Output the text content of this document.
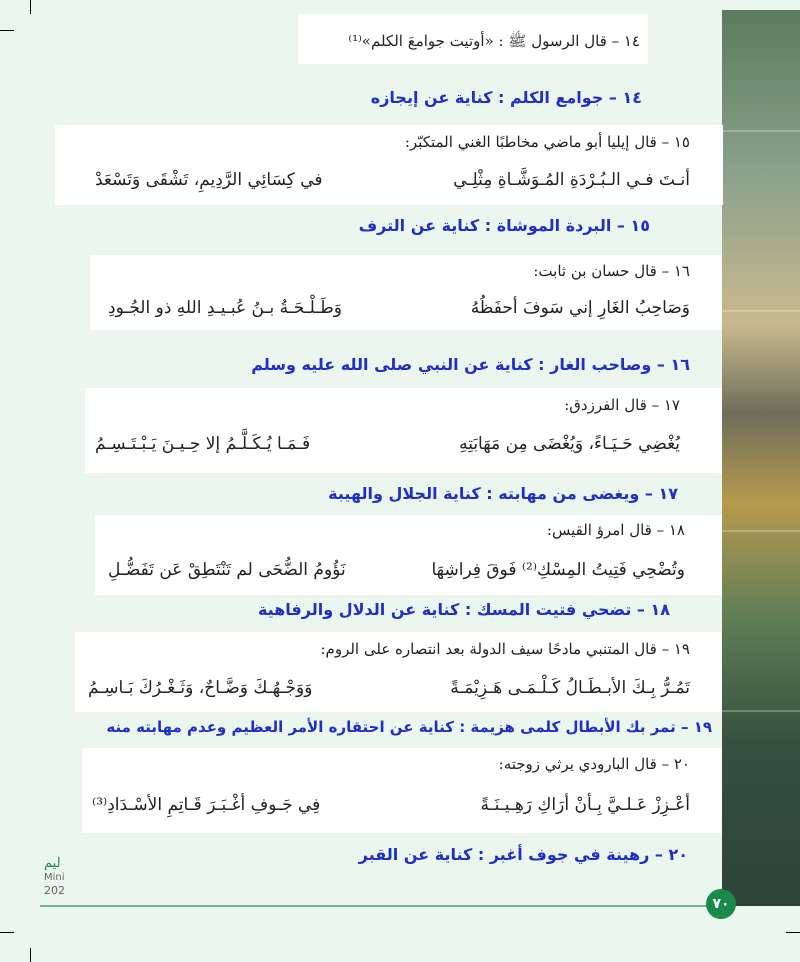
١٤ – قال الرسول ﷺ : «أوتيت جوامعَ الكلم»⁽¹⁾
١٤ – جوامع الكلم : كناية عن إيجازه
١٥ – قال إيليا أبو ماضي مخاطبًا الغني المتكبّر:
أنـتَ فـي الـبُـرْدَةِ المُـوَشَّـاةِ مِثْلِـي
في كِسَائِي الرَّدِيمِ، تَشْقَى وَتَسْعَدْ
١٥ – البردة الموشاة : كناية عن الترف
١٦ – قال حسان بن ثابت:
وَصَاحِبُ الغَارِ إني سَوفَ أحفَظُهُ
وَطَـلْـحَـةُ بـنُ عُبـيـدِ اللهِ ذو الجُـودِ
١٦ – وصاحب الغار : كناية عن النبي صلى الله عليه وسلم
١٧ – قال الفرزدق:
يُغْضِي حَـيَـاءً، وَيُغْضَى مِن مَهَابَتِهِ
فَـمَـا يُـكَـلَّـمُ إلا حِـيـنَ يَـبْـتَـسِـمُ
١٧ – ويغضى من مهابته : كناية الجلال والهيبة
١٨ – قال امرؤ القيس:
وتُضْحِي فَتِيتُ المِسْكِ⁽²⁾ فَوقَ فِراشِهَا
نَؤُومُ الضُّحَى لم تَنْتَطِقْ عَن تَفَضُّـلِ
١٨ – تضحي فتيت المسك : كناية عن الدلال والرفاهية
١٩ – قال المتنبي مادحًا سيف الدولة بعد انتصاره على الروم:
تَمُـرُّ بِـكَ الأبـطَـالُ كَـلْـمَـى هَـزِيْمَـةً
وَوَجْـهُـكَ وَضَّـاحٌ، وَثَـغْـرُكَ بَـاسِـمُ
١٩ – تمر بك الأبطال كلمى هزيمة : كناية عن احتقاره الأمر العظيم وعدم مهابته منه
٢٠ – قال البارودي يرثي زوجته:
أعْـزِزْ عَـلـيَّ بِـأنْ أرَاكِ رَهِـيـنَـةً
فِي جَـوفِ أغْـبَـرَ قَـاتِمِ الأسْـدَادِ⁽³⁾
٢٠ – رهينة في جوف أغبر : كناية عن القبر
ليم
Mini
202
٧٠
